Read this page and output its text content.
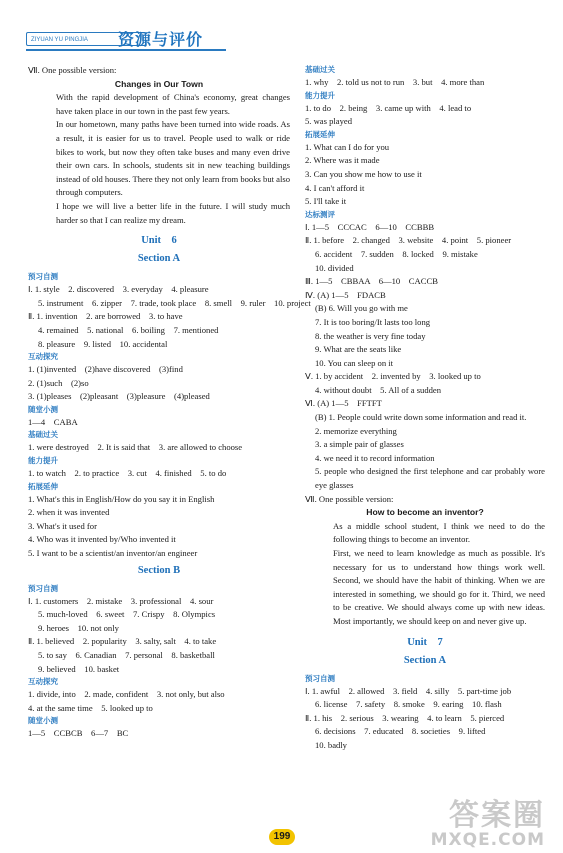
ZIYUAN YU PINGJIA	资源与评价
Ⅶ. One possible version:
Changes in Our Town
With the rapid development of China's economy, great changes have taken place in our town in the past few years.
In our hometown, many paths have been turned into wide roads. As a result, it is easier for us to travel. People used to walk or ride bikes to work, but now they often take buses and many even drive their own cars. In schools, students sit in new teaching buildings instead of old houses. There they not only learn from books but also through computers.
I hope we will live a better life in the future. I will study much harder so that I can realize my dream.
Unit　6
Section A
预习自测
Ⅰ. 1. style　2. discovered　3. everyday　4. pleasure
5. instrument　6. zipper　7. trade, took place　8. smell　9. ruler　10. project
Ⅱ. 1. invention　2. are borrowed　3. to have
4. remained　5. national　6. boiling　7. mentioned
8. pleasure　9. listed　10. accidental
互动探究
1. (1)invented　(2)have discovered　(3)find
2. (1)such　(2)so
3. (1)pleases　(2)pleasant　(3)pleasure　(4)pleased
随堂小测
1—4　CABA
基础过关
1. were destroyed　2. It is said that　3. are allowed to choose
能力提升
1. to watch　2. to practice　3. cut　4. finished　5. to do
拓展延伸
1. What's this in English/How do you say it in English
2. when it was invented
3. What's it used for
4. Who was it invented by/Who invented it
5. I want to be a scientist/an inventor/an engineer
Section B
预习自测
Ⅰ. 1. customers　2. mistake　3. professional　4. sour
5. much-loved　6. sweet　7. Crispy　8. Olympics
9. heroes　10. not only
Ⅱ. 1. believed　2. popularity　3. salty, salt　4. to take
5. to say　6. Canadian　7. personal　8. basketball
9. believed　10. basket
互动探究
1. divide, into　2. made, confident　3. not only, but also
4. at the same time　5. looked up to
随堂小测
1—5　CCBCB　6—7　BC
基础过关
1. why　2. told us not to run　3. but　4. more than
能力提升
1. to do　2. being　3. came up with　4. lead to
5. was played
拓展延伸
1. What can I do for you
2. Where was it made
3. Can you show me how to use it
4. I can't afford it
5. I'll take it
达标测评
Ⅰ. 1—5　CCCAC　6—10　CCBBB
Ⅱ. 1. before　2. changed　3. website　4. point　5. pioneer
6. accident　7. sudden　8. locked　9. mistake
10. divided
Ⅲ. 1—5　CBBAA　6—10　CACCB
Ⅳ. (A) 1—5　FDACB
(B) 6. Will you go with me
7. It is too boring/It lasts too long
8. the weather is very fine today
9. What are the seats like
10. You can sleep on it
Ⅴ. 1. by accident　2. invented by　3. looked up to
4. without doubt　5. All of a sudden
Ⅵ. (A) 1—5　FFTFT
(B) 1. People could write down some information and read it.
2. memorize everything
3. a simple pair of glasses
4. we need it to record information
5. people who designed the first telephone and car probably wore eye glasses
Ⅶ. One possible version:
How to become an inventor?
As a middle school student, I think we need to do the following things to become an inventor.
First, we need to learn knowledge as much as possible. It's necessary for us to understand how things work well. Second, we should have the habit of thinking. When we are interested in something, we should go for it. Third, we need to be creative. We should always come up with new ideas. Most importantly, we should keep on and never give up.
Unit　7
Section A
预习自测
Ⅰ. 1. awful　2. allowed　3. field　4. silly　5. part-time job
6. license　7. safety　8. smoke　9. earing　10. flash
Ⅱ. 1. his　2. serious　3. wearing　4. to learn　5. pierced
6. decisions　7. educated　8. societies　9. lifted
10. badly
199
答案圈
MXQE.COM
